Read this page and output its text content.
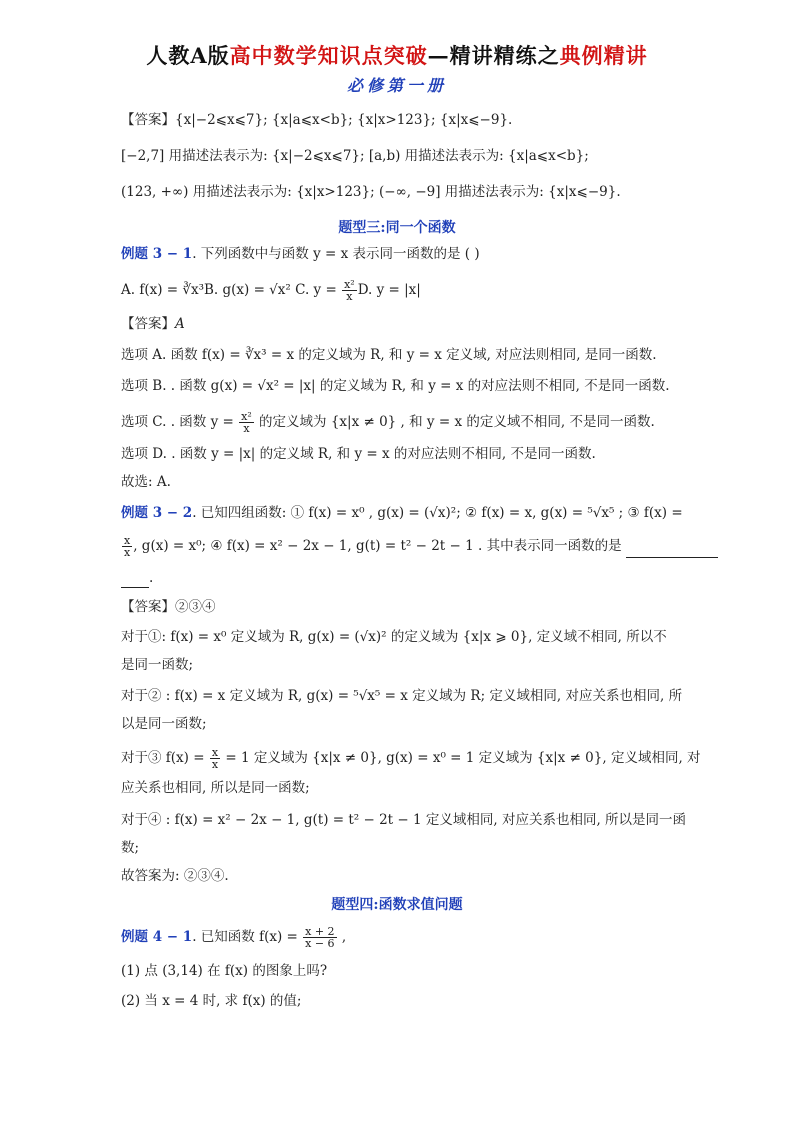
人教A版高中数学知识点突破—精讲精练之典例精讲
必修第一册
【答案】{x|−2⩽x⩽7}; {x|a⩽x<b}; {x|x>123}; {x|x⩽−9}.
[−2,7] 用描述法表示为: {x|−2⩽x⩽7}; [a,b) 用描述法表示为: {x|a⩽x<b};
(123, +∞) 用描述法表示为: {x|x>123}; (−∞, −9] 用描述法表示为: {x|x⩽−9}.
题型三:同一个函数
例题 3 − 1. 下列函数中与函数 y = x 表示同一函数的是 ( )
A. f(x) = ∛x³B. g(x) = √x² C. $y = \frac{\text{x²}}{x} D$. y = |x|
【答案】A
选项 A. 函数 f(x) = ∛x³ = x 的定义域为 R, 和 y = x 定义域, 对应法则相同, 是同一函数.
选项 B. . 函数 g(x) = √x² = |x| 的定义域为 R, 和 y = x 的对应法则不相同, 不是同一函数.
选项 C. . 函数 $y = \frac{\text{x²}}{x}$ 的定义域为 {x|x ≠ 0} , 和 y = x 的定义域不相同, 不是同一函数.
选项 D. . 函数 y = |x| 的定义域 R, 和 y = x 的对应法则不相同, 不是同一函数.
故选: A.
例题 3 − 2. 已知四组函数: ① f(x) = x⁰ , g(x) = (√x)²; ② f(x) = x, g(x) = ⁵√x⁵ ; ③ f(x) =
$\frac{x}{x}$ , g(x) = x⁰; ④ f(x) = x² − 2x − 1, g(t) = t² − 2t − 1 . 其中表示同一函数的是
.
【答案】②③④
对于①: f(x) = x⁰ 定义域为 R, g(x) = (√x)² 的定义域为 {x|x ⩾ 0}, 定义域不相同, 所以不
是同一函数;
对于② : f(x) = x 定义域为 R, g(x) = ⁵√x⁵ = x 定义域为 R; 定义域相同, 对应关系也相同, 所
以是同一函数;
对于③ $f(x) = \frac{x}{x} = 1$ 定义域为 {x|x ≠ 0}, g(x) = x⁰ = 1 定义域为 {x|x ≠ 0}, 定义域相同, 对
应关系也相同, 所以是同一函数;
对于④ : f(x) = x² − 2x − 1, g(t) = t² − 2t − 1 定义域相同, 对应关系也相同, 所以是同一函
数;
故答案为: ②③④.
题型四:函数求值问题
例题 4 − 1. 已知函数 $f(x) = \frac{x + 2}{x - 6}$ ,
(1) 点 (3,14) 在 f(x) 的图象上吗?
(2) 当 x = 4 时, 求 f(x) 的值;
